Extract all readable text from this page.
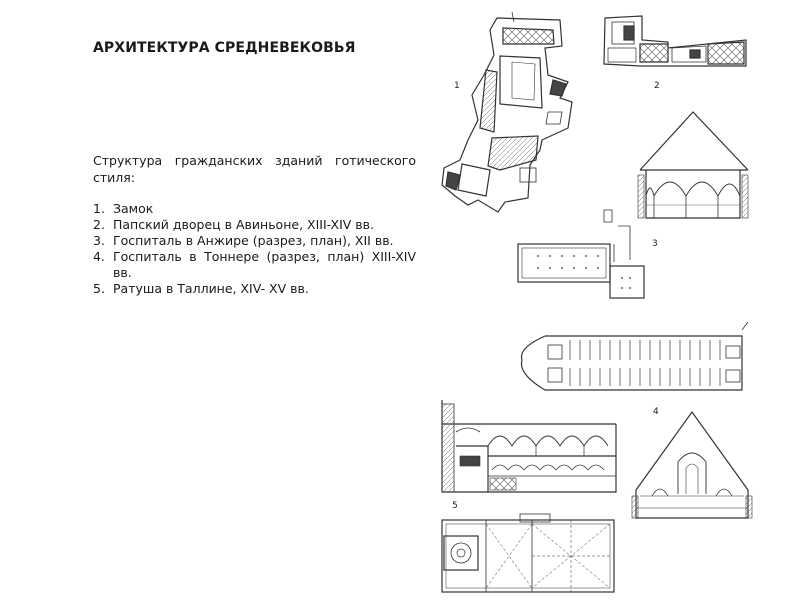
АРХИТЕКТУРА СРЕДНЕВЕКОВЬЯ
Структура гражданских зданий готического стиля:
1. Замок
2. Папский дворец в Авиньоне, XIII-XIV вв.
3. Госпиталь в Анжире (разрез, план), XII вв.
4. Госпиталь в Тоннере (разрез, план) XIII-XIV вв.
5. Ратуша в Таллине, XIV- XV вв.
1	2
3
4
5
